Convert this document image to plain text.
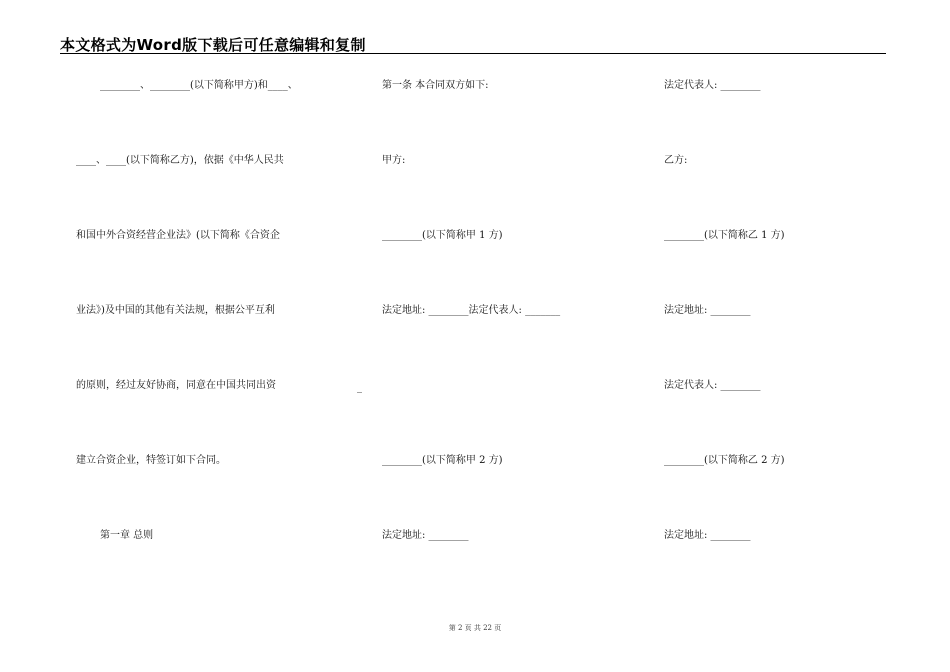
本文格式为Word版下载后可任意编辑和复制
________、________(以下简称甲方)和____、
____、____(以下简称乙方)，依据《中华人民共
和国中外合资经营企业法》(以下简称《合资企
业法》)及中国的其他有关法规，根据公平互利
的原则，经过友好协商，同意在中国共同出资
建立合资企业，特签订如下合同。
第一章 总则
_
第一条 本合同双方如下:
甲方:
________(以下简称甲 1 方)
法定地址: ________法定代表人: _______
________(以下简称甲 2 方)
法定地址: ________
法定代表人: ________
乙方:
________(以下简称乙 1 方)
法定地址: ________
法定代表人: ________
________(以下简称乙 2 方)
法定地址: ________
第 2 页 共 22 页
